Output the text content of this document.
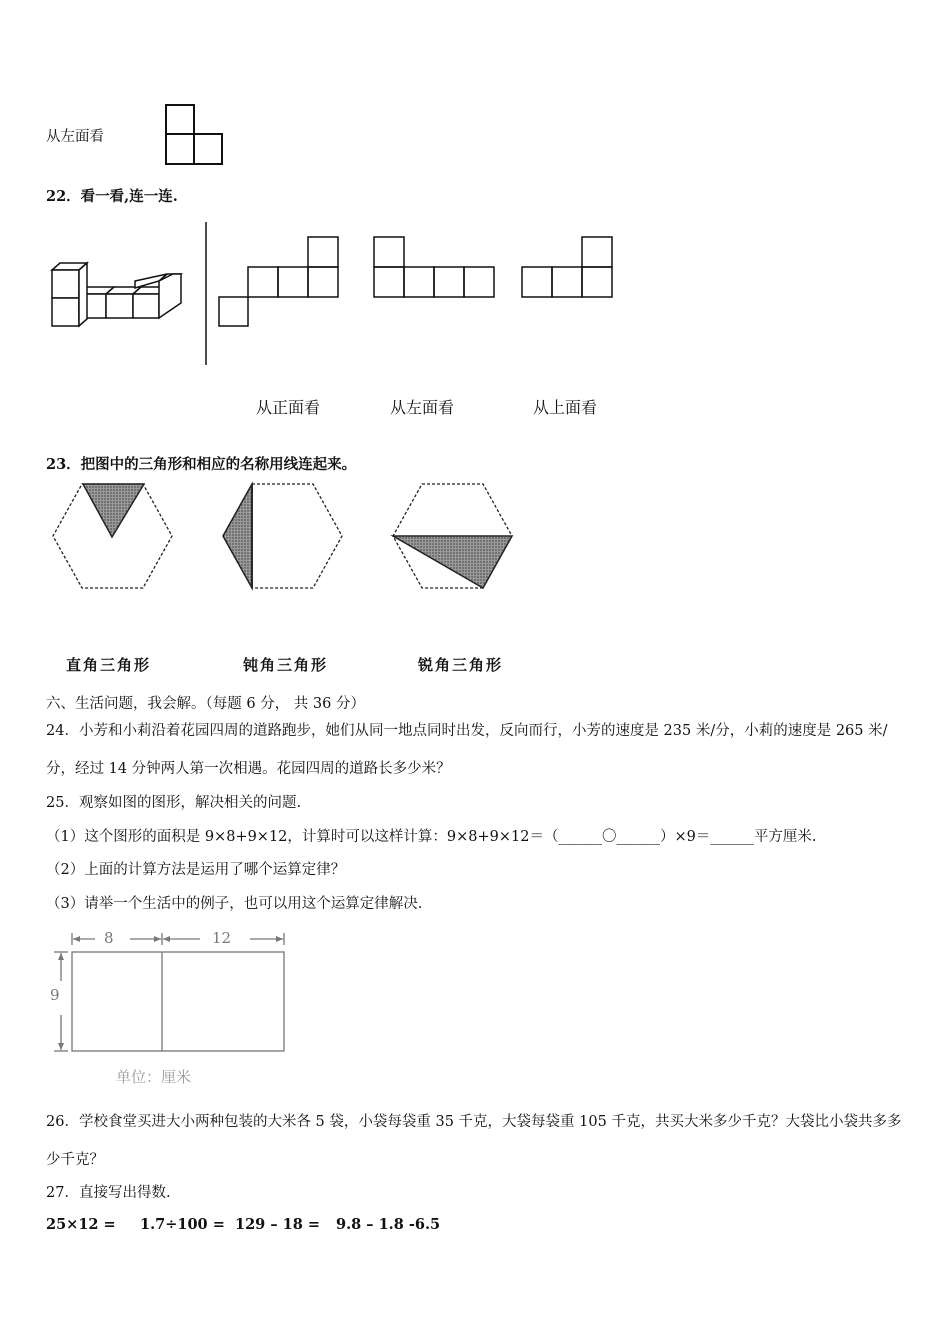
从左面看
22．看一看,连一连.
从正面看	从左面看	从上面看
23．把图中的三角形和相应的名称用线连起来。
直角三角形	钝角三角形	锐角三角形
六、生活问题，我会解。（每题 6 分， 共 36 分）
24．小芳和小莉沿着花园四周的道路跑步，她们从同一地点同时出发，反向而行，小芳的速度是 235 米/分，小莉的速度是 265 米/分，经过 14 分钟两人第一次相遇。花园四周的道路长多少米？
25．观察如图的图形，解决相关的问题.
（1）这个图形的面积是 9×8+9×12，计算时可以这样计算：9×8+9×12＝（______〇______）×9＝______平方厘米.
（2）上面的计算方法是运用了哪个运算定律？
（3）请举一个生活中的例子，也可以用这个运算定律解决.
8	12
9
单位：厘米
26．学校食堂买进大小两种包装的大米各 5 袋，小袋每袋重 35 千克，大袋每袋重 105 千克，共买大米多少千克？大袋比小袋共多多少千克？
27．直接写出得数.
25×12 = 1.7÷100 = 129 – 18 = 9.8 – 1.8 -6.5
